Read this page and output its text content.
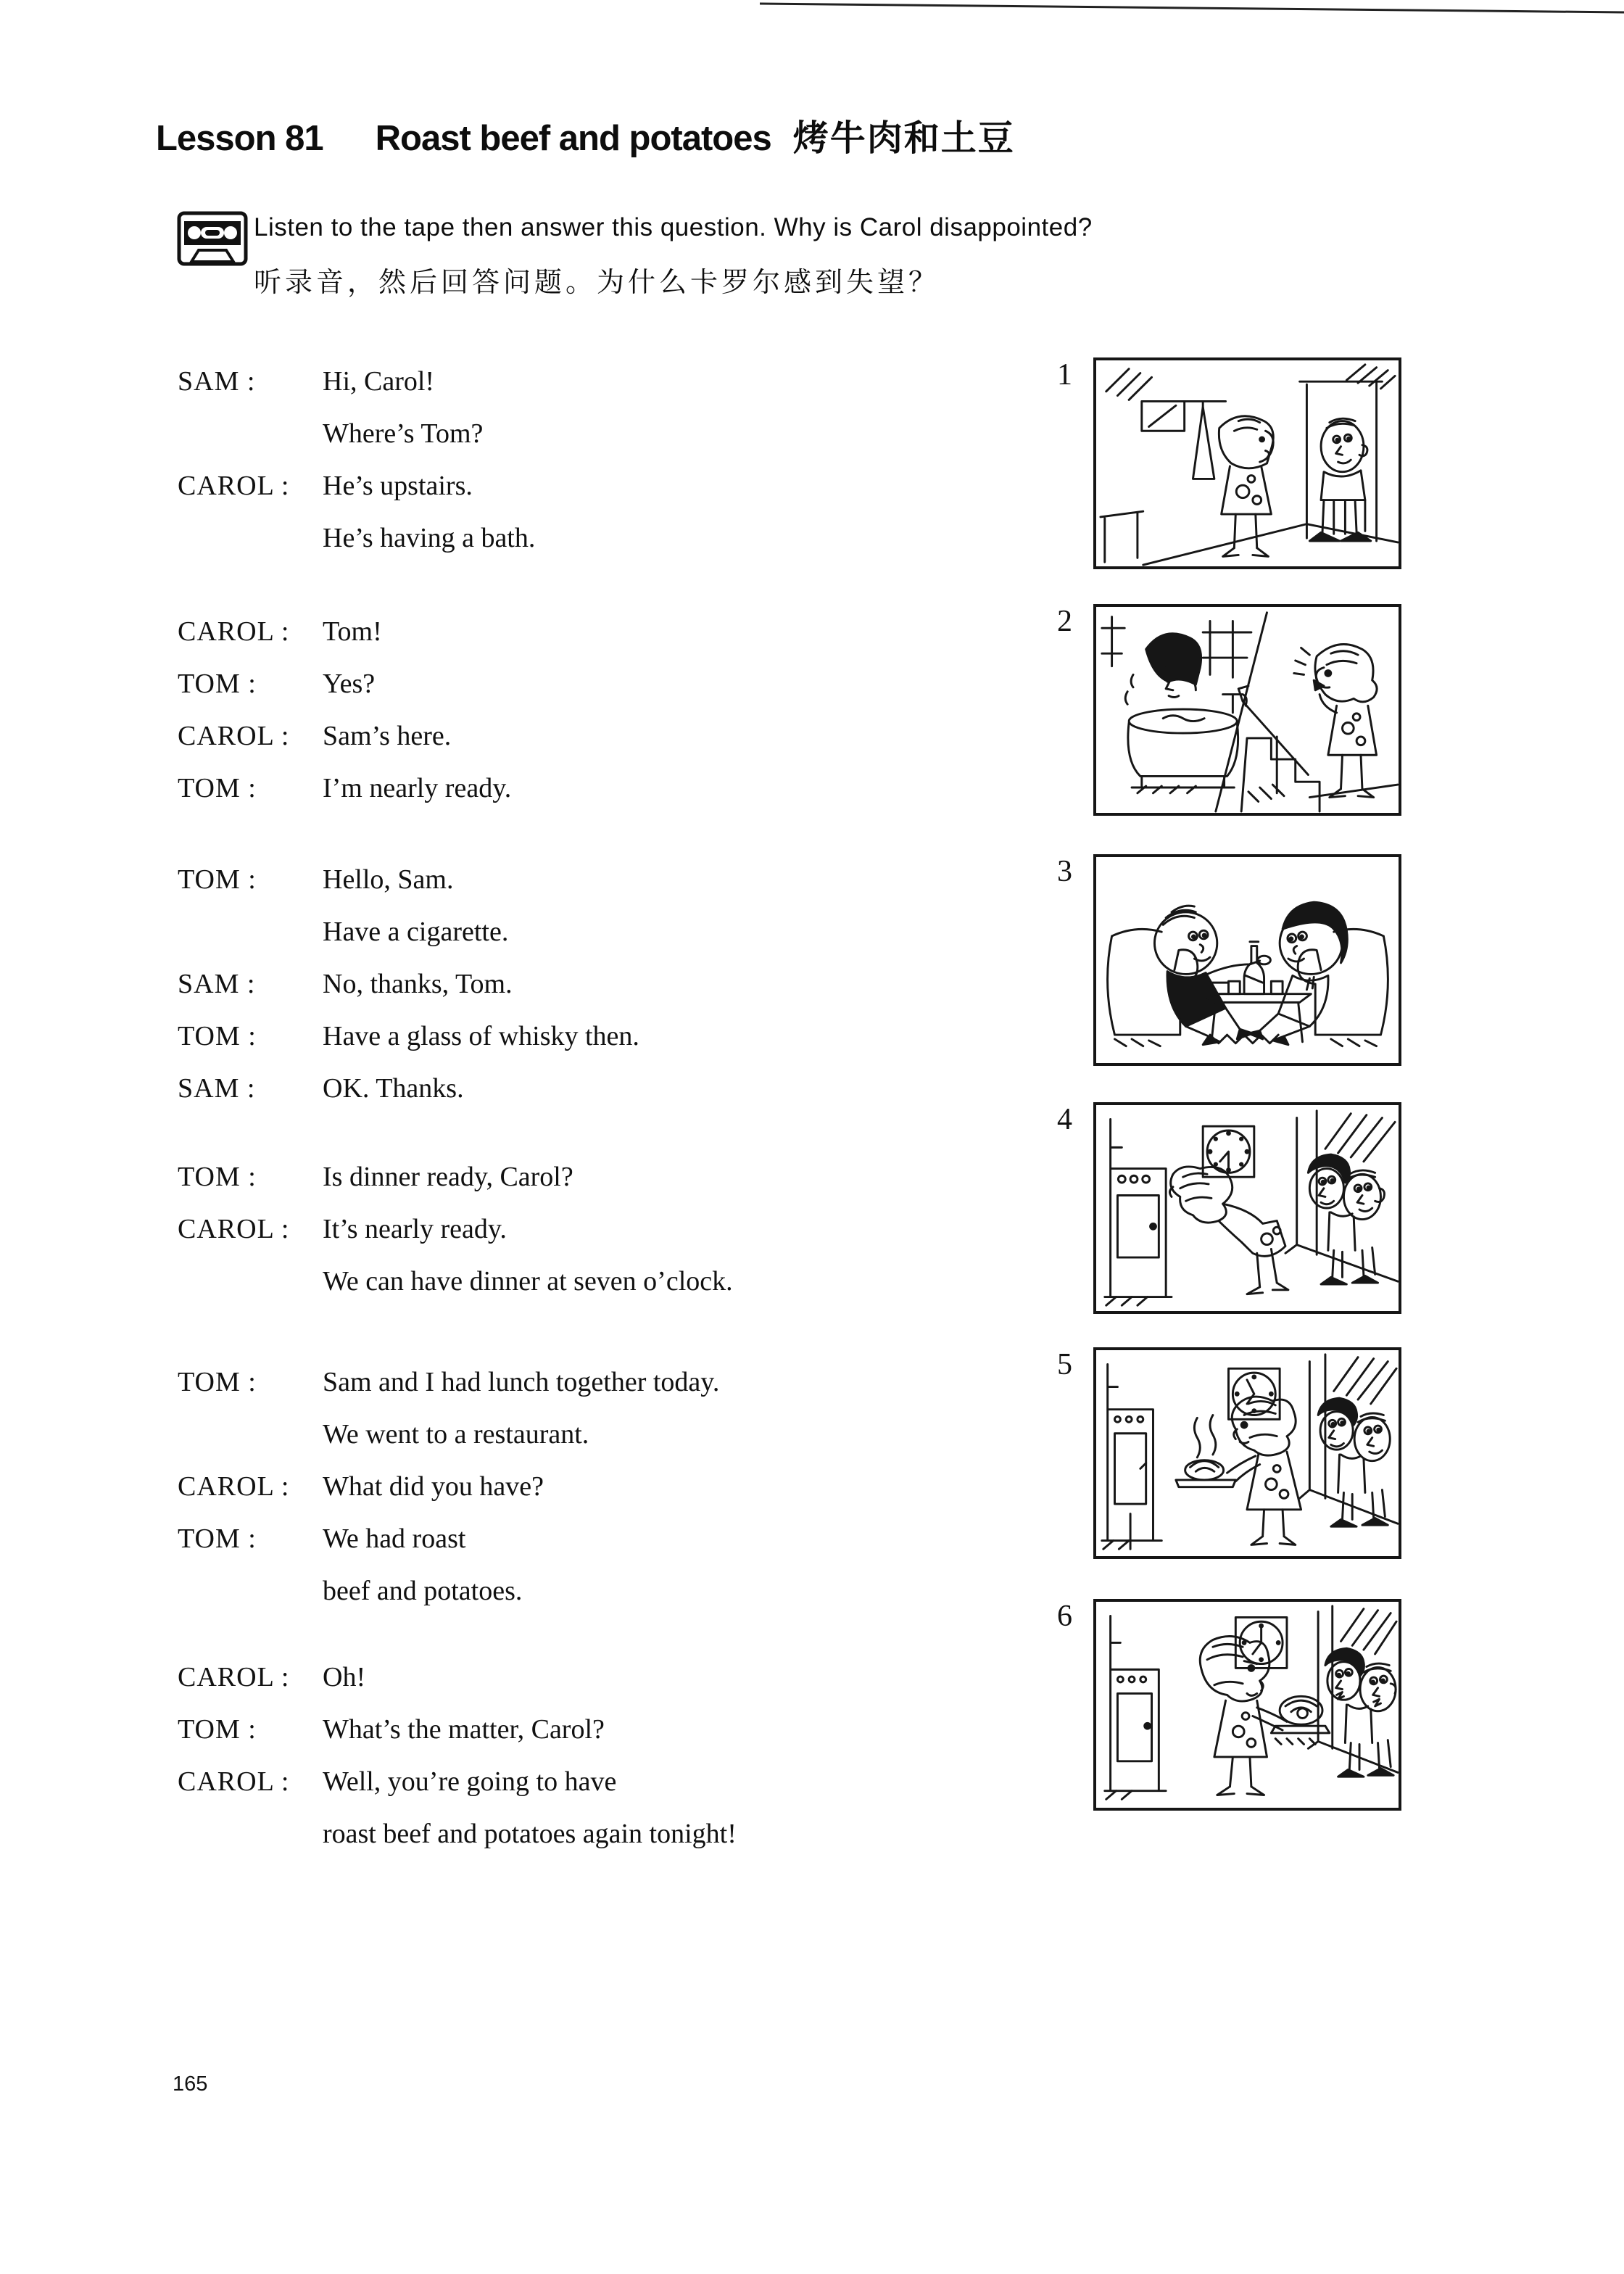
Lesson 81 Roast beef and potatoes 烤牛肉和土豆
Listen to the tape then answer this question. Why is Carol disappointed?
听录音，然后回答问题。为什么卡罗尔感到失望？
SAM :	Hi, Carol!
Where’s Tom?
CAROL :	He’s upstairs.
He’s having a bath.
CAROL :	Tom!
TOM :	Yes?
CAROL :	Sam’s here.
TOM :	I’m nearly ready.
TOM :	Hello, Sam.
Have a cigarette.
SAM :	No, thanks, Tom.
TOM :	Have a glass of whisky then.
SAM :	OK. Thanks.
TOM :	Is dinner ready, Carol?
CAROL :	It’s nearly ready.
We can have dinner at seven o’clock.
TOM :	Sam and I had lunch together today.
We went to a restaurant.
CAROL :	What did you have?
TOM :	We had roast
beef and potatoes.
CAROL :	Oh!
TOM :	What’s the matter, Carol?
CAROL :	Well, you’re going to have
roast beef and potatoes again tonight!
1
2
3
4
5
6
165
